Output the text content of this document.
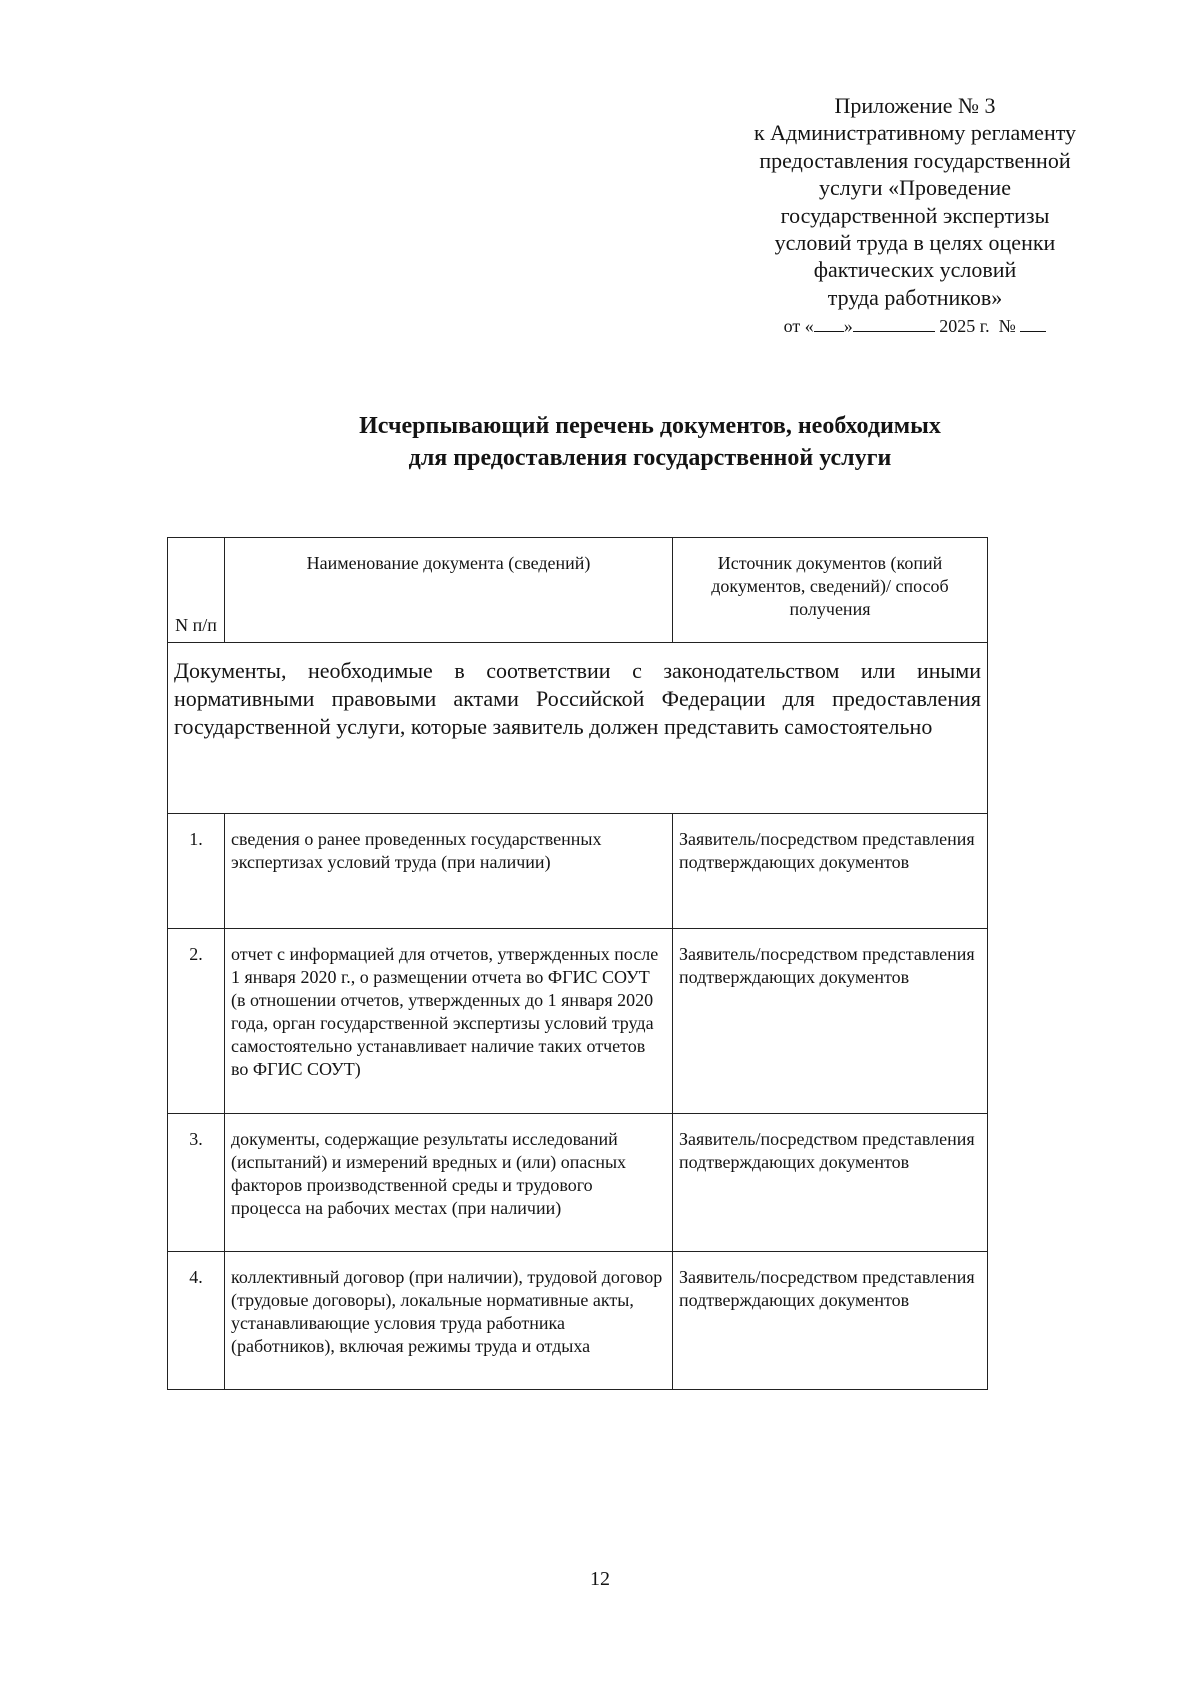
Приложение № 3
к Административному регламенту
предоставления государственной
услуги «Проведение
государственной экспертизы
условий труда в целях оценки
фактических условий
труда работников»
от « »	2025 г. №
Исчерпывающий перечень документов, необходимых
для предоставления государственной услуги
N п/п	Наименование документа (сведений)	Источник документов (копий документов, сведений)/ способ получения
Документы, необходимые в соответствии с законодательством или иными нормативными правовыми актами Российской Федерации для предоставления государственной услуги, которые заявитель должен представить самостоятельно		
1.	сведения о ранее проведенных государственных экспертизах условий труда (при наличии)	Заявитель/посредством представления подтверждающих документов
2.	отчет с информацией для отчетов, утвержденных после 1 января 2020 г., о размещении отчета во ФГИС СОУТ (в отношении отчетов, утвержденных до 1 января 2020 года, орган государственной экспертизы условий труда самостоятельно устанавливает наличие таких отчетов во ФГИС СОУТ)	Заявитель/посредством представления подтверждающих документов
3.	документы, содержащие результаты исследований (испытаний) и измерений вредных и (или) опасных факторов производственной среды и трудового процесса на рабочих местах (при наличии)	Заявитель/посредством представления подтверждающих документов
4.	коллективный договор (при наличии), трудовой договор (трудовые договоры), локальные нормативные акты, устанавливающие условия труда работника (работников), включая режимы труда и отдыха	Заявитель/посредством представления подтверждающих документов
12
